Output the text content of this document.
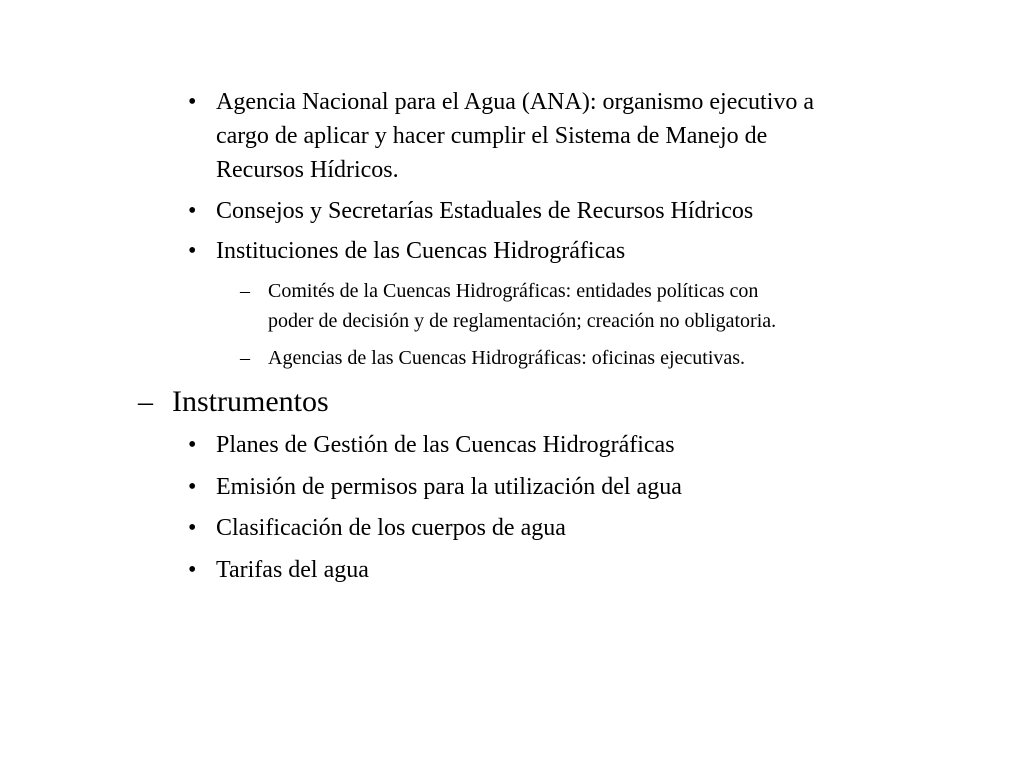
• Agencia Nacional para el Agua (ANA): organismo ejecutivo a
cargo de aplicar y hacer cumplir el Sistema de Manejo de
Recursos Hídricos.
• Consejos y Secretarías Estaduales de Recursos Hídricos
• Instituciones de las Cuencas Hidrográficas
– Comités de la Cuencas Hidrográficas: entidades políticas con
poder de decisión y de reglamentación; creación no obligatoria.
– Agencias de las Cuencas Hidrográficas: oficinas ejecutivas.
– Instrumentos
• Planes de Gestión de las Cuencas Hidrográficas
• Emisión de permisos para la utilización del agua
• Clasificación de los cuerpos de agua
• Tarifas del agua
